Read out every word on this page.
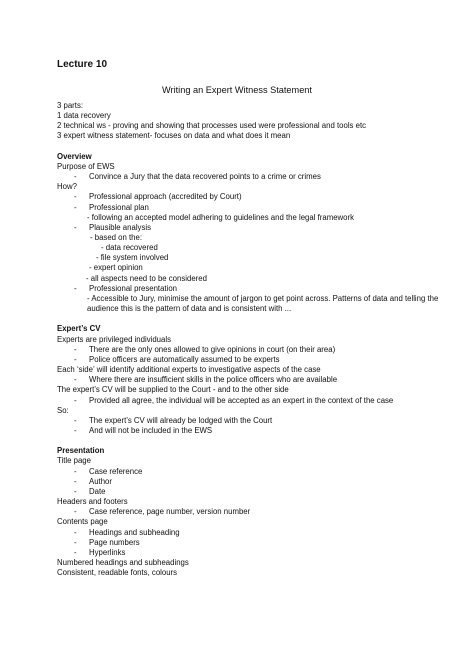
Lecture 10
Writing an Expert Witness Statement
3 parts:
1 data recovery
2 technical ws - proving and showing that processes used were professional and tools etc
3 expert witness statement- focuses on data and what does it mean
Overview
Purpose of EWS
- Convince a Jury that the data recovered points to a crime or crimes
How?
- Professional approach (accredited by Court)
- Professional plan
- following an accepted model adhering to guidelines and the legal framework
- Plausible analysis
- based on the:
- data recovered
- file system involved
- expert opinion
- all aspects need to be considered
- Professional presentation
- Accessible to Jury, minimise the amount of jargon to get point across. Patterns of data and telling the audience this is the pattern of data and is consistent with ...
Expert’s CV
Experts are privileged individuals
- There are the only ones allowed to give opinions in court (on their area)
- Police officers are automatically assumed to be experts
Each ‘side’ will identify additional experts to investigative aspects of the case
- Where there are insufficient skills in the police officers who are available
The expert’s CV will be supplied to the Court - and to the other side
- Provided all agree, the individual will be accepted as an expert in the context of the case
So:
- The expert’s CV will already be lodged with the Court
- And will not be included in the EWS
Presentation
Title page
- Case reference
- Author
- Date
Headers and footers
- Case reference, page number, version number
Contents page
- Headings and subheading
- Page numbers
- Hyperlinks
Numbered headings and subheadings
Consistent, readable fonts, colours
